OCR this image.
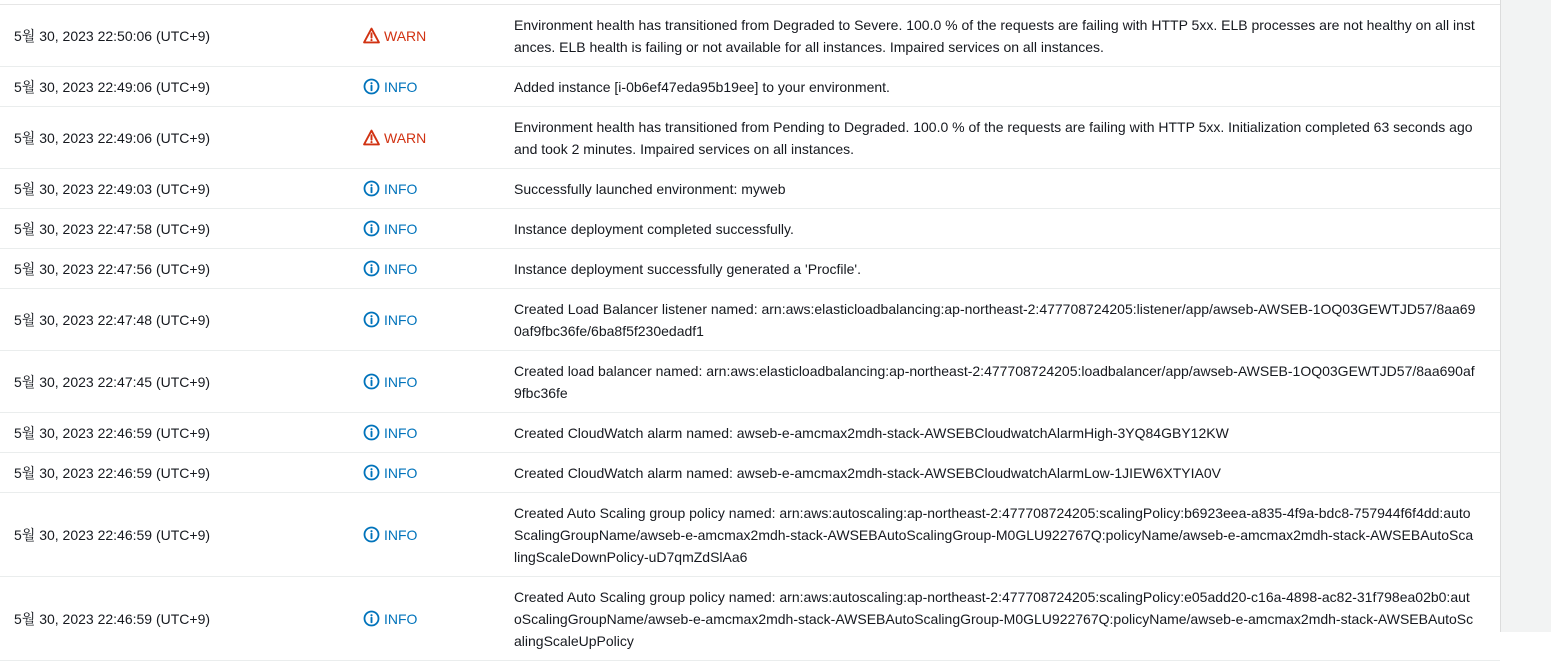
5월 30, 2023 22:50:06 (UTC+9)	WARN
Environment health has transitioned from Degraded to Severe. 100.0 % of the requests are failing with HTTP 5xx. ELB processes are not healthy on all instances. ELB health is failing or not available for all instances. Impaired services on all instances.
5월 30, 2023 22:49:06 (UTC+9)	INFO	Added instance [i-0b6ef47eda95b19ee] to your environment.
5월 30, 2023 22:49:06 (UTC+9)	WARN
Environment health has transitioned from Pending to Degraded. 100.0 % of the requests are failing with HTTP 5xx. Initialization completed 63 seconds ago and took 2 minutes. Impaired services on all instances.
5월 30, 2023 22:49:03 (UTC+9)	INFO	Successfully launched environment: myweb
5월 30, 2023 22:47:58 (UTC+9)	INFO	Instance deployment completed successfully.
5월 30, 2023 22:47:56 (UTC+9)	INFO	Instance deployment successfully generated a 'Procfile'.
5월 30, 2023 22:47:48 (UTC+9)	INFO
Created Load Balancer listener named: arn:aws:elasticloadbalancing:ap-northeast-2:477708724205:listener/app/awseb-AWSEB-1OQ03GEWTJD57/8aa690af9fbc36fe/6ba8f5f230edadf1
5월 30, 2023 22:47:45 (UTC+9)	INFO
Created load balancer named: arn:aws:elasticloadbalancing:ap-northeast-2:477708724205:loadbalancer/app/awseb-AWSEB-1OQ03GEWTJD57/8aa690af9fbc36fe
5월 30, 2023 22:46:59 (UTC+9)	INFO	Created CloudWatch alarm named: awseb-e-amcmax2mdh-stack-AWSEBCloudwatchAlarmHigh-3YQ84GBY12KW
5월 30, 2023 22:46:59 (UTC+9)	INFO	Created CloudWatch alarm named: awseb-e-amcmax2mdh-stack-AWSEBCloudwatchAlarmLow-1JIEW6XTYIA0V
5월 30, 2023 22:46:59 (UTC+9)	INFO
Created Auto Scaling group policy named: arn:aws:autoscaling:ap-northeast-2:477708724205:scalingPolicy:b6923eea-a835-4f9a-bdc8-757944f6f4dd:autoScalingGroupName/awseb-e-amcmax2mdh-stack-AWSEBAutoScalingGroup-M0GLU922767Q:policyName/awseb-e-amcmax2mdh-stack-AWSEBAutoScalingScaleDownPolicy-uD7qmZdSlAa6
5월 30, 2023 22:46:59 (UTC+9)	INFO
Created Auto Scaling group policy named: arn:aws:autoscaling:ap-northeast-2:477708724205:scalingPolicy:e05add20-c16a-4898-ac82-31f798ea02b0:autoScalingGroupName/awseb-e-amcmax2mdh-stack-AWSEBAutoScalingGroup-M0GLU922767Q:policyName/awseb-e-amcmax2mdh-stack-AWSEBAutoScalingScaleUpPolicy
